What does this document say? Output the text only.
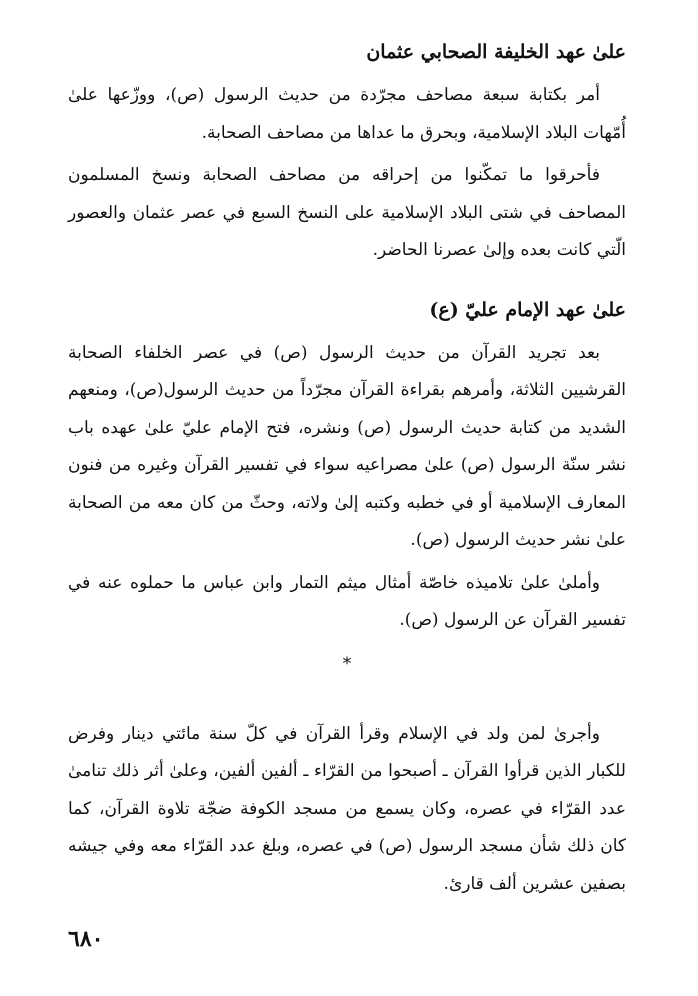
علىٰ عهد الخليفة الصحابي عثمان

أمر بكتابة سبعة مصاحف مجرّدة من حديث الرسول (ص)، ووزّعها علىٰ أُمّهات البلاد الإسلامية، وبحرق ما عداها من مصاحف الصحابة.

فأحرقوا ما تمكّنوا من إحراقه من مصاحف الصحابة ونسخ المسلمون المصاحف في شتى البلاد الإسلامية على النسخ السبع في عصر عثمان والعصور الّتي كانت بعده وإلىٰ عصرنا الحاضر.

علىٰ عهد الإمام عليّ (ع)

بعد تجريد القرآن من حديث الرسول (ص) في عصر الخلفاء الصحابة القرشيين الثلاثة، وأمرهم بقراءة القرآن مجرّداً من حديث الرسول(ص)، ومنعهم الشديد من كتابة حديث الرسول (ص) ونشره، فتح الإمام عليّ علىٰ عهده باب نشر سنّة الرسول (ص) علىٰ مصراعيه سواء في تفسير القرآن وغيره من فنون المعارف الإسلامية أو في خطبه وكتبه إلىٰ ولاته، وحثّ من كان معه من الصحابة علىٰ نشر حديث الرسول (ص).

وأملىٰ علىٰ تلاميذه خاصّة أمثال ميثم التمار وابن عباس ما حملوه عنه في تفسير القرآن عن الرسول (ص).

*

وأجرىٰ لمن ولد في الإسلام وقرأ القرآن في كلّ سنة مائتي دينار وفرض للكبار الذين قرأوا القرآن ـ أصبحوا من القرّاء ـ ألفين ألفين، وعلىٰ أثر ذلك تنامىٰ عدد القرّاء في عصره، وكان يسمع من مسجد الكوفة ضجّة تلاوة القرآن، كما كان ذلك شأن مسجد الرسول (ص) في عصره، وبلغ عدد القرّاء معه وفي جيشه بصفين عشرين ألف قارئ.

٦٨٠
